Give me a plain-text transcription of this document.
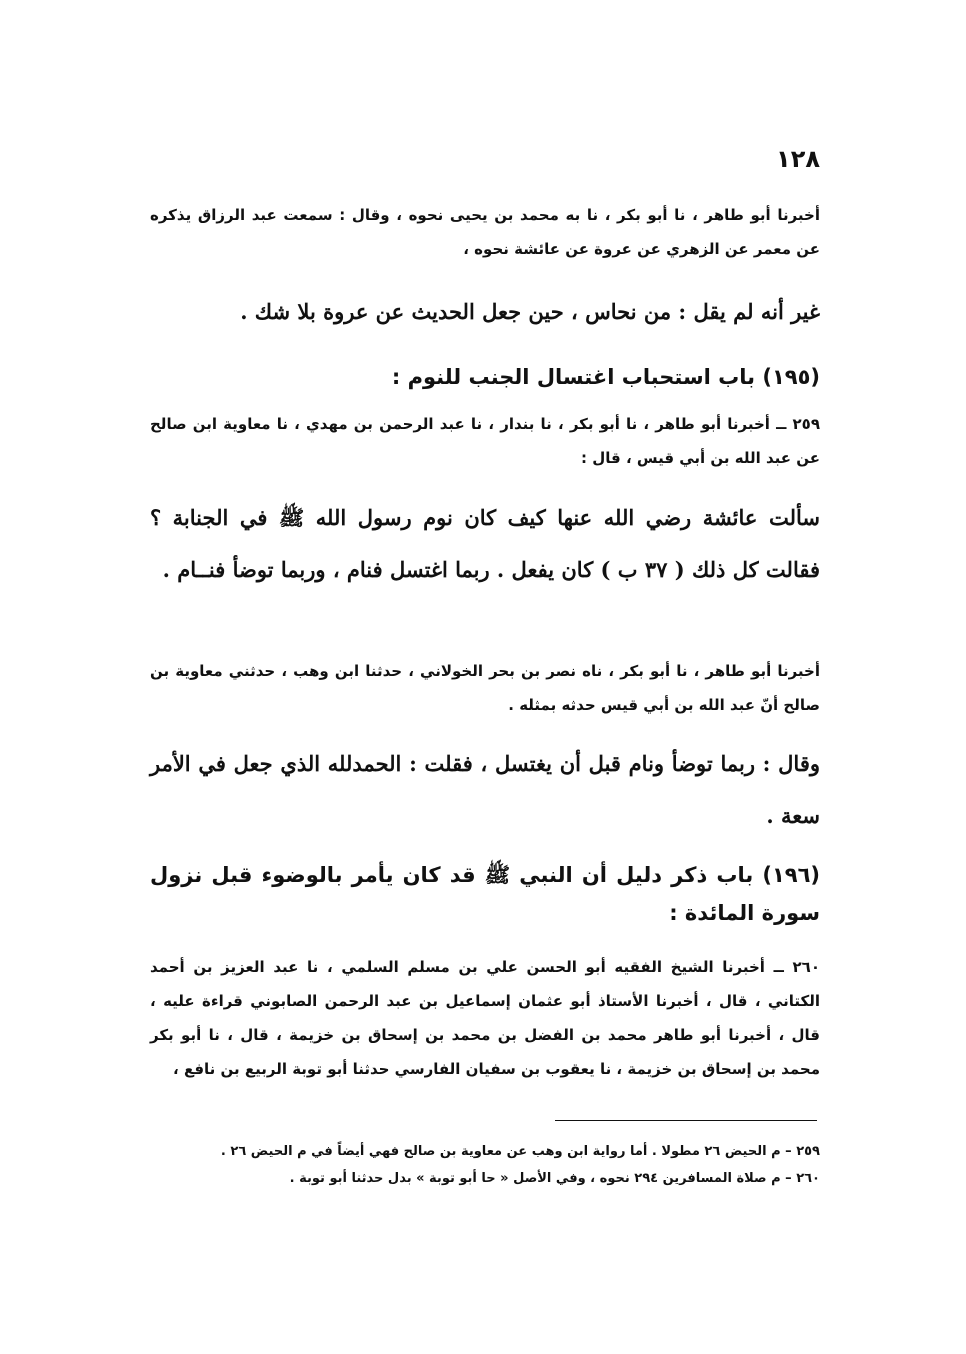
١٢٨
أخبرنا أبو طاهر ، نا أبو بكر ، نا به محمد بن يحيى نحوه ، وقال : سمعت عبد الرزاق يذكره عن معمر عن الزهري عن عروة عن عائشة نحوه ،
غير أنه لم يقل : من نحاس ، حين جعل الحديث عن عروة بلا شك .
(١٩٥) باب استحباب اغتسال الجنب للنوم :
٢٥٩ ــ أخبرنا أبو طاهر ، نا أبو بكر ، نا بندار ، نا عبد الرحمن بن مهدي ، نا معاوية ابن صالح عن عبد الله بن أبي قيس ، قال :
سألت عائشة رضي الله عنها كيف كان نوم رسول الله ﷺ في الجنابة ؟ فقالت كل ذلك ( ٣٧ ب ) كان يفعل . ربما اغتسل فنام ، وربما توضأ فنــام .
أخبرنا أبو طاهر ، نا أبو بكر ، ناه نصر بن بحر الخولاني ، حدثنا ابن وهب ، حدثني معاوية بن صالح أنّ عبد الله بن أبي قيس حدثه بمثله .
وقال : ربما توضأ ونام قبل أن يغتسل ، فقلت : الحمدلله الذي جعل في الأمر سعة .
(١٩٦) باب ذكر دليل أن النبي ﷺ قد كان يأمر بالوضوء قبل نزول سورة المائدة :
٢٦٠ ــ أخبرنا الشيخ الفقيه أبو الحسن علي بن مسلم السلمي ، نا عبد العزيز بن أحمد الكتاني ، قال ، أخبرنا الأستاذ أبو عثمان إسماعيل بن عبد الرحمن الصابوني قراءة عليه ، قال ، أخبرنا أبو طاهر محمد بن الفضل بن محمد بن إسحاق بن خزيمة ، قال ، نا أبو بكر محمد بن إسحاق بن خزيمة ، نا يعقوب بن سفيان الفارسي حدثنا أبو توبة الربيع بن نافع ،
٢٥٩ – م الحيض ٢٦ مطولا . أما رواية ابن وهب عن معاوية بن صالح فهي أيضاً في م الحيض ٢٦ .
٢٦٠ – م صلاة المسافرين ٢٩٤ نحوه ، وفي الأصل « حا أبو توبة » بدل حدثنا أبو توبة .
